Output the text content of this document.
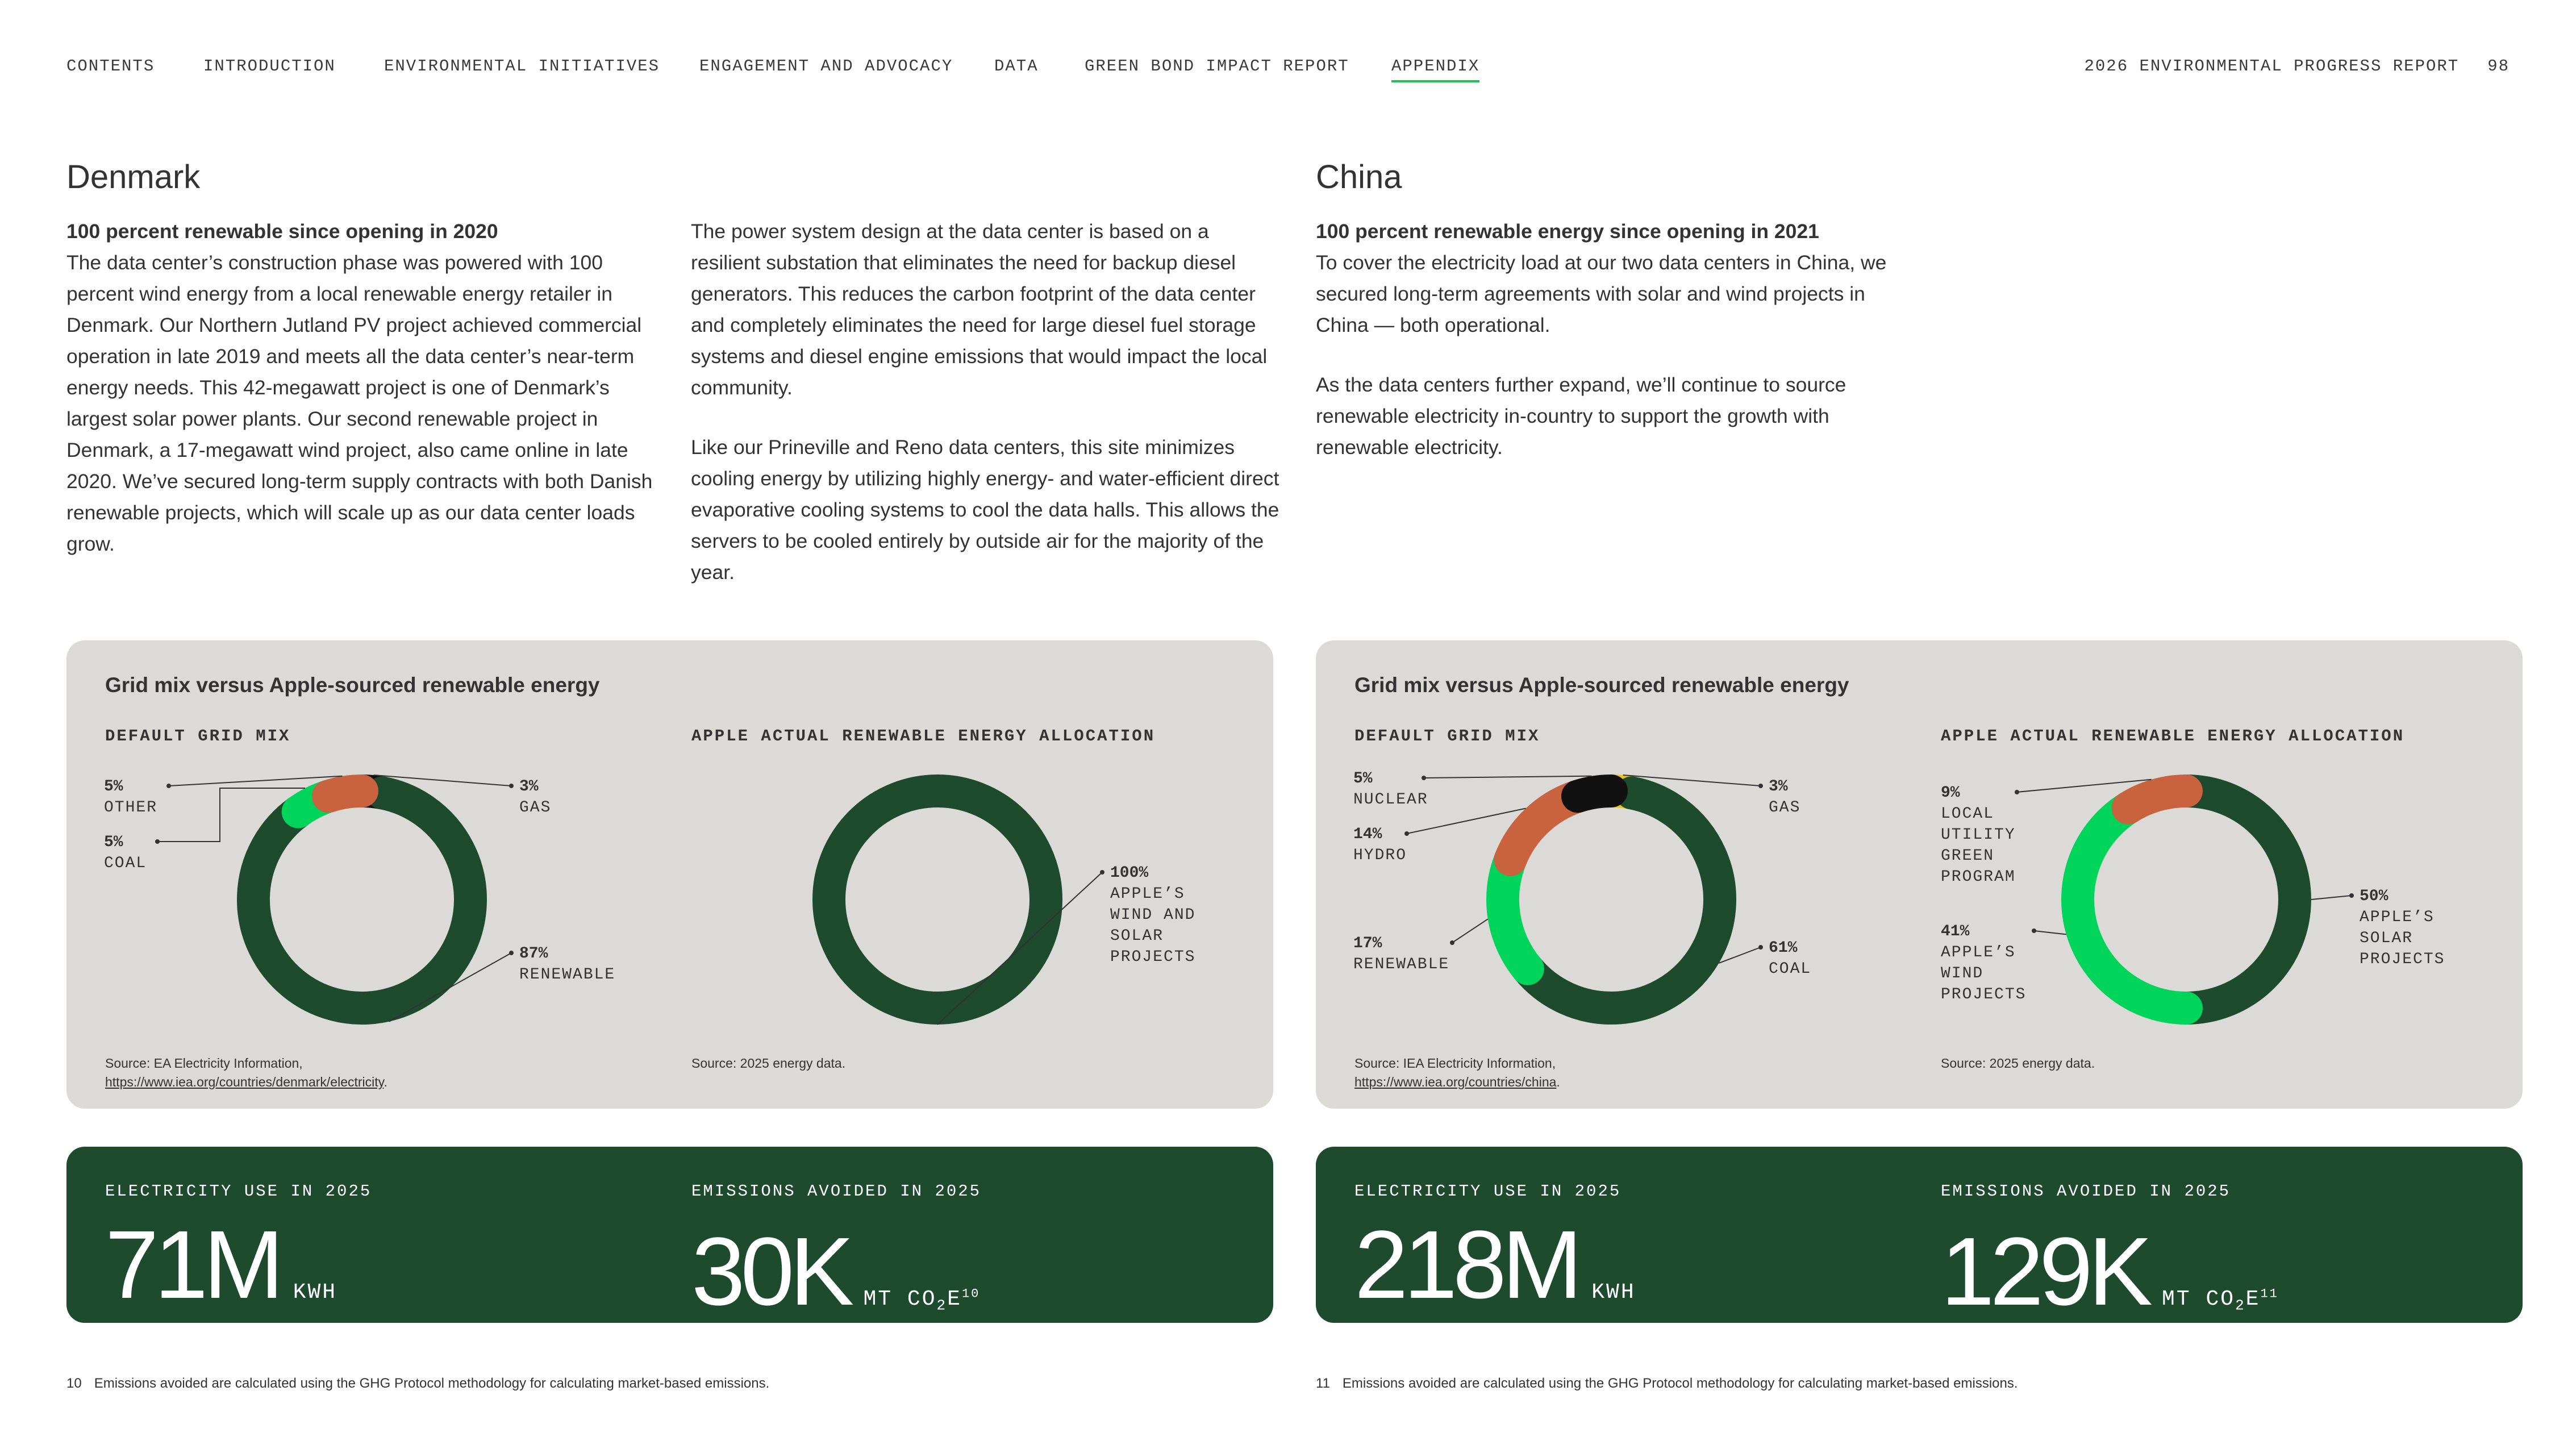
CONTENTS	INTRODUCTION	ENVIRONMENTAL INITIATIVES ENGAGEMENT AND ADVOCACY	DATA	GREEN BOND IMPACT REPORT	APPENDIX	2026 ENVIRONMENTAL PROGRESS REPORT 98
Denmark

100 percent renewable since opening in 2020
The data center’s construction phase was powered with 100 percent wind energy from a local renewable energy retailer in Denmark. Our Northern Jutland PV project achieved commercial operation in late 2019 and meets all the data center’s near-term energy needs. This 42-megawatt project is one of Denmark’s largest solar power plants. Our second renewable project in Denmark, a 17-megawatt wind project, also came online in late 2020. We’ve secured long-term supply contracts with both Danish renewable projects, which will scale up as our data center loads grow.

The power system design at the data center is based on a resilient substation that eliminates the need for backup diesel generators. This reduces the carbon footprint of the data center and completely eliminates the need for large diesel fuel storage systems and diesel engine emissions that would impact the local community.

Like our Prineville and Reno data centers, this site minimizes cooling energy by utilizing highly energy- and water-efficient direct evaporative cooling systems to cool the data halls. This allows the servers to be cooled entirely by outside air for the majority of the year.

China

100 percent renewable energy since opening in 2021
To cover the electricity load at our two data centers in China, we secured long-term agreements with solar and wind projects in China — both operational.

As the data centers further expand, we’ll continue to source renewable electricity in-country to support the growth with renewable electricity.

Grid mix versus Apple-sourced renewable energy
DEFAULT GRID MIX	APPLE ACTUAL RENEWABLE ENERGY ALLOCATION
3%
GAS
87%
RENEWABLE
5%
COAL
5%
OTHER
100%
APPLE’S
WIND AND
SOLAR
PROJECTS
Source: EA Electricity Information,
https://www.iea.org/countries/denmark/electricity.
Source: 2025 energy data.
Grid mix versus Apple-sourced renewable energy
DEFAULT GRID MIX	APPLE ACTUAL RENEWABLE ENERGY ALLOCATION
3%
GAS
61%
COAL
17%
RENEWABLE
14%
HYDRO
5%
NUCLEAR
50%
APPLE’S
SOLAR
PROJECTS
41%
APPLE’S
WIND
PROJECTS
9%
LOCAL
UTILITY
GREEN
PROGRAM
Source: IEA Electricity Information,
https://www.iea.org/countries/china.
Source: 2025 energy data.
ELECTRICITY USE IN 2025
71M KWH
EMISSIONS AVOIDED IN 2025
30K MT $CO_2E^{10}$
ELECTRICITY USE IN 2025
218M KWH
EMISSIONS AVOIDED IN 2025
129K MT $CO_2E^{11}$
10 Emissions avoided are calculated using the GHG Protocol methodology for calculating market-based emissions.	11 Emissions avoided are calculated using the GHG Protocol methodology for calculating market-based emissions.
